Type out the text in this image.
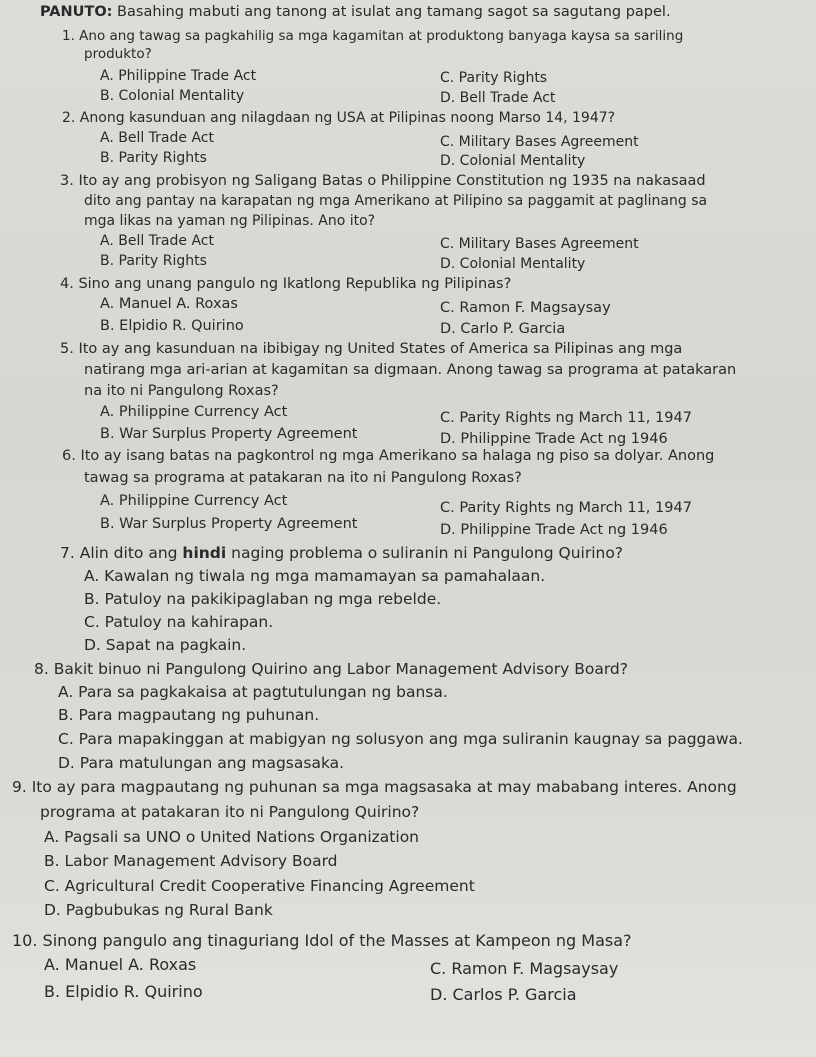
PANUTO: Basahing mabuti ang tanong at isulat ang tamang sagot sa sagutang papel.
1. Ano ang tawag sa pagkahilig sa mga kagamitan at produktong banyaga kaysa sa sariling
produkto?
A. Philippine Trade Act
B. Colonial Mentality
C. Parity Rights
D. Bell Trade Act
2. Anong kasunduan ang nilagdaan ng USA at Pilipinas noong Marso 14, 1947?
A. Bell Trade Act
B. Parity Rights
C. Military Bases Agreement
D. Colonial Mentality
3. Ito ay ang probisyon ng Saligang Batas o Philippine Constitution ng 1935 na nakasaad
dito ang pantay na karapatan ng mga Amerikano at Pilipino sa paggamit at paglinang sa
mga likas na yaman ng Pilipinas. Ano ito?
A. Bell Trade Act
B. Parity Rights
C. Military Bases Agreement
D. Colonial Mentality
4. Sino ang unang pangulo ng Ikatlong Republika ng Pilipinas?
A. Manuel A. Roxas
B. Elpidio R. Quirino
C. Ramon F. Magsaysay
D. Carlo P. Garcia
5. Ito ay ang kasunduan na ibibigay ng United States of America sa Pilipinas ang mga
natirang mga ari-arian at kagamitan sa digmaan. Anong tawag sa programa at patakaran
na ito ni Pangulong Roxas?
A. Philippine Currency Act
B. War Surplus Property Agreement
C. Parity Rights ng March 11, 1947
D. Philippine Trade Act ng 1946
6. Ito ay isang batas na pagkontrol ng mga Amerikano sa halaga ng piso sa dolyar. Anong
tawag sa programa at patakaran na ito ni Pangulong Roxas?
A. Philippine Currency Act
B. War Surplus Property Agreement
C. Parity Rights ng March 11, 1947
D. Philippine Trade Act ng 1946
7. Alin dito ang hindi naging problema o suliranin ni Pangulong Quirino?
A. Kawalan ng tiwala ng mga mamamayan sa pamahalaan.
B. Patuloy na pakikipaglaban ng mga rebelde.
C. Patuloy na kahirapan.
D. Sapat na pagkain.
8. Bakit binuo ni Pangulong Quirino ang Labor Management Advisory Board?
A. Para sa pagkakaisa at pagtutulungan ng bansa.
B. Para magpautang ng puhunan.
C. Para mapakinggan at mabigyan ng solusyon ang mga suliranin kaugnay sa paggawa.
D. Para matulungan ang magsasaka.
9. Ito ay para magpautang ng puhunan sa mga magsasaka at may mababang interes. Anong
programa at patakaran ito ni Pangulong Quirino?
A. Pagsali sa UNO o United Nations Organization
B. Labor Management Advisory Board
C. Agricultural Credit Cooperative Financing Agreement
D. Pagbubukas ng Rural Bank
10. Sinong pangulo ang tinaguriang Idol of the Masses at Kampeon ng Masa?
A. Manuel A. Roxas
B. Elpidio R. Quirino
C. Ramon F. Magsaysay
D. Carlos P. Garcia
